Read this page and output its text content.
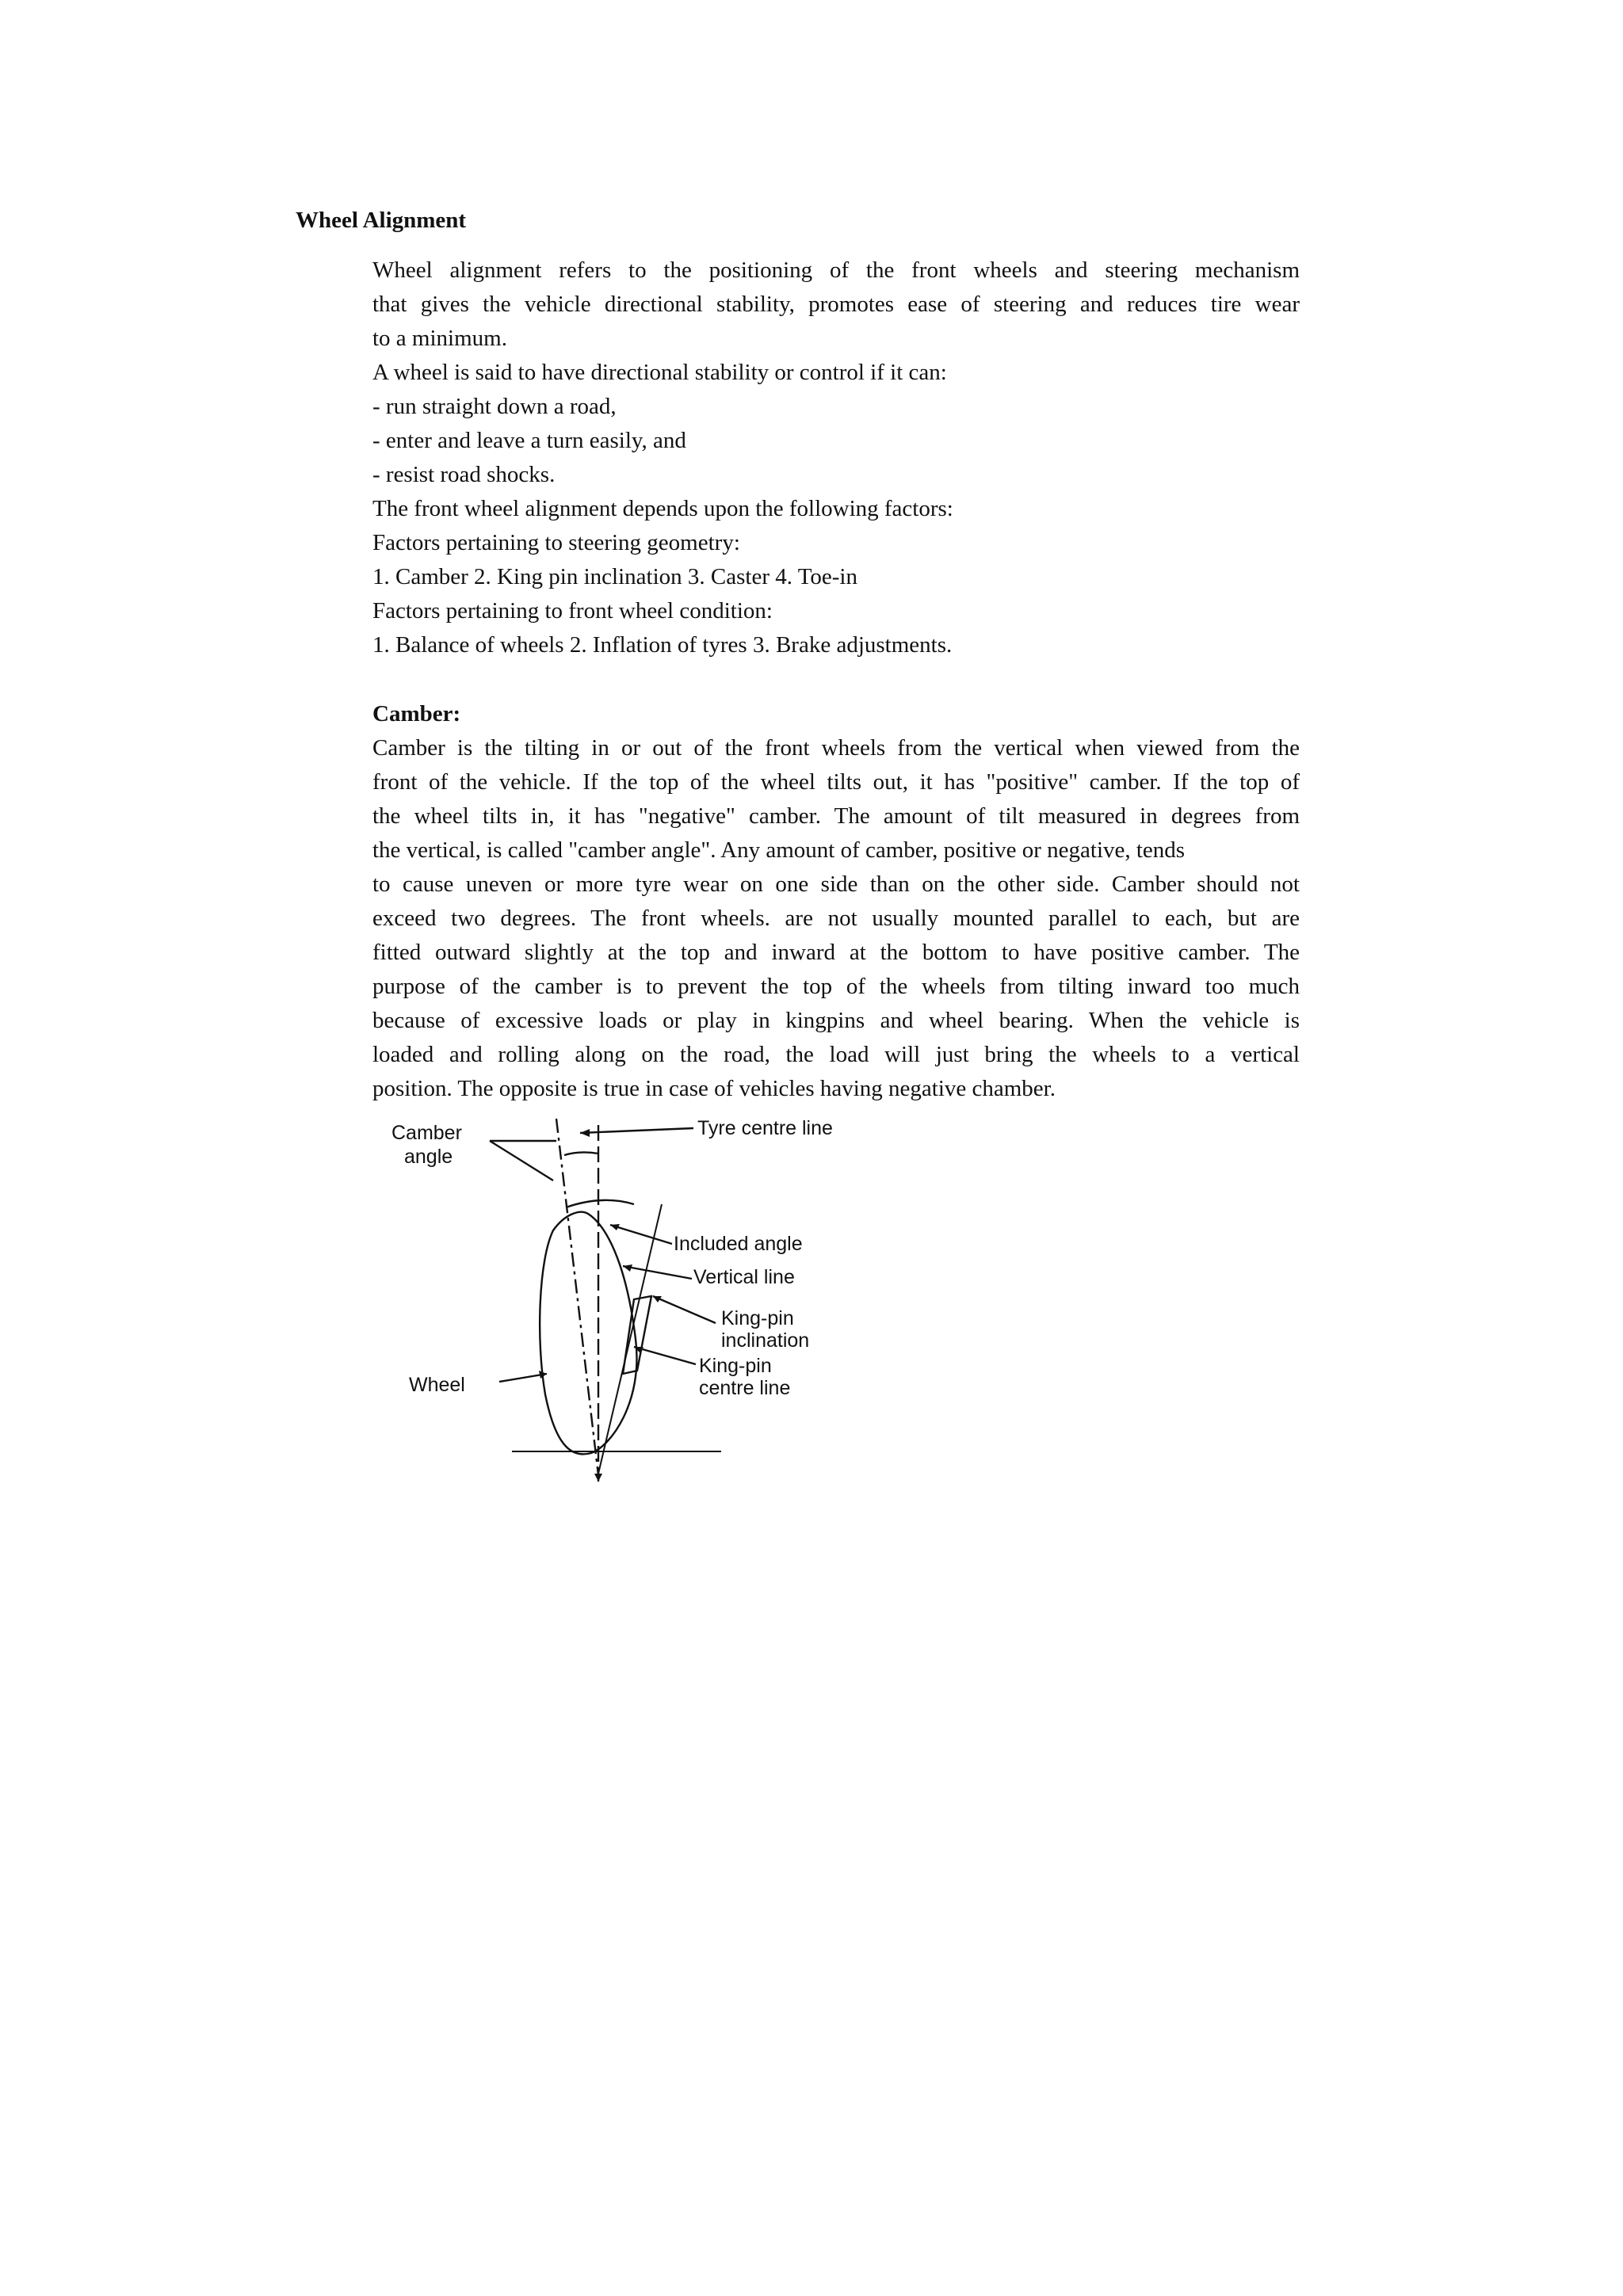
Wheel Alignment
Wheel alignment refers to the positioning of the front wheels and steering mechanism
that gives the vehicle directional stability, promotes ease of steering and reduces tire wear
to a minimum.
A wheel is said to have directional stability or control if it can:
- run straight down a road,
- enter and leave a turn easily, and
- resist road shocks.
The front wheel alignment depends upon the following factors:
Factors pertaining to steering geometry:
1. Camber 2. King pin inclination 3. Caster 4. Toe-in
Factors pertaining to front wheel condition:
1. Balance of wheels 2. Inflation of tyres 3. Brake adjustments.
Camber:
Camber is the tilting in or out of the front wheels from the vertical when viewed from the
front of the vehicle. If the top of the wheel tilts out, it has "positive" camber. If the top of
the wheel tilts in, it has "negative" camber. The amount of tilt measured in degrees from
the vertical, is called "camber angle". Any amount of camber, positive or negative, tends
to cause uneven or more tyre wear on one side than on the other side. Camber should not
exceed two degrees. The front wheels. are not usually mounted parallel to each, but are
fitted outward slightly at the top and inward at the bottom to have positive camber. The
purpose of the camber is to prevent the top of the wheels from tilting inward too much
because of excessive loads or play in kingpins and wheel bearing. When the vehicle is
loaded and rolling along on the road, the load will just bring the wheels to a vertical
position. The opposite is true in case of vehicles having negative chamber.
Camber
angle
Tyre centre line
Included angle
Vertical line
King-pin
inclination
King-pin
centre line
Wheel
